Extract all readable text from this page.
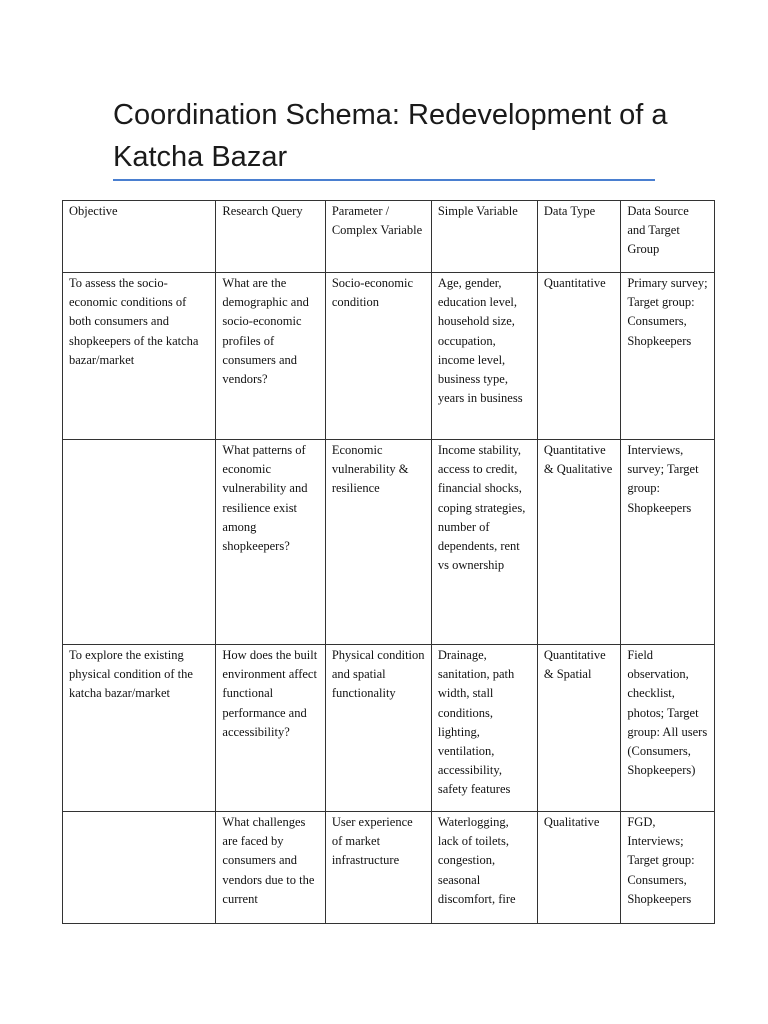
Coordination Schema: Redevelopment of a Katcha Bazar
Objective	Research Query	Parameter / Complex Variable	Simple Variable	Data Type	Data Source and Target Group

To assess the socio-economic conditions of both consumers and shopkeepers of the katcha bazar/market	What are the demographic and socio-economic profiles of consumers and vendors?	Socio-economic condition	Age, gender, education level, household size, occupation, income level, business type, years in business	Quantitative	Primary survey; Target group: Consumers, Shopkeepers

	What patterns of economic vulnerability and resilience exist among shopkeepers?	Economic vulnerability & resilience	Income stability, access to credit, financial shocks, coping strategies, number of dependents, rent vs ownership	Quantitative & Qualitative	Interviews, survey; Target group: Shopkeepers

To explore the existing physical condition of the katcha bazar/market	How does the built environment affect functional performance and accessibility?	Physical condition and spatial functionality	Drainage, sanitation, path width, stall conditions, lighting, ventilation, accessibility, safety features	Quantitative & Spatial	Field observation, checklist, photos; Target group: All users (Consumers, Shopkeepers)

	What challenges are faced by consumers and vendors due to the current	User experience of market infrastructure	Waterlogging, lack of toilets, congestion, seasonal discomfort, fire	Qualitative	FGD, Interviews; Target group: Consumers, Shopkeepers
